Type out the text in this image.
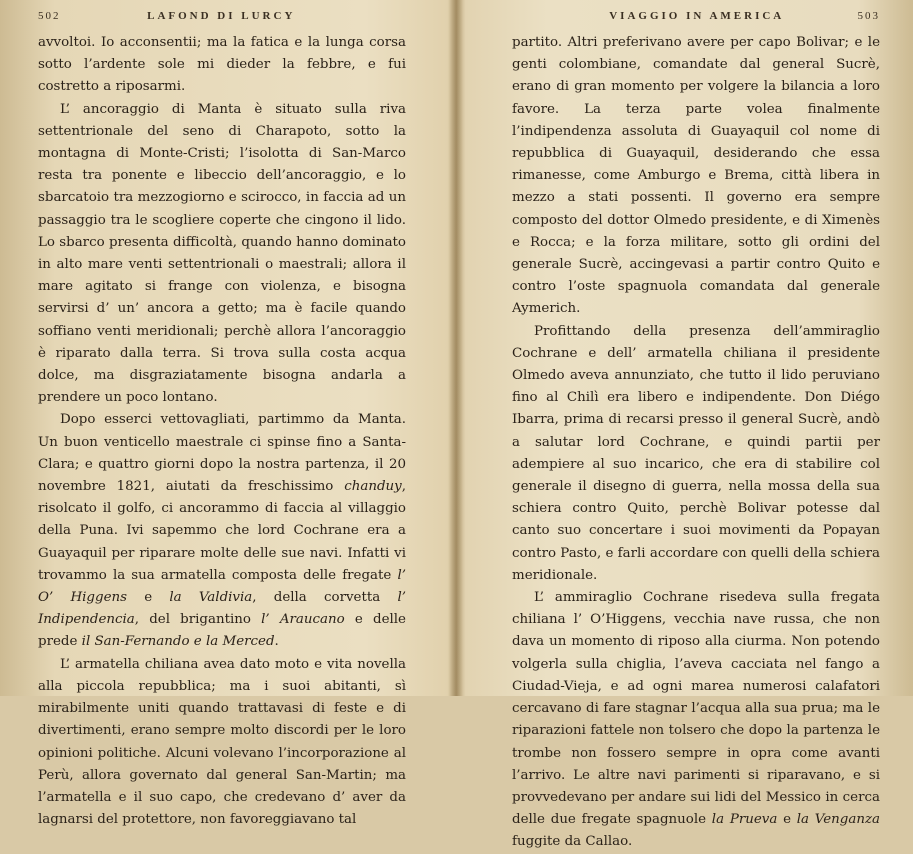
502	LAFOND DI LURCY

avvoltoi. Io acconsentii; ma la fatica e la lunga corsa sotto l’ardente sole mi dieder la febbre, e fui costretto a riposarmi.

L’ ancoraggio di Manta è situato sulla riva settentrionale del seno di Charapoto, sotto la montagna di Monte-Cristi; l’isolotta di San-Marco resta tra ponente e libeccio dell’ancoraggio, e lo sbarcatoio tra mezzogiorno e scirocco, in faccia ad un passaggio tra le scogliere coperte che cingono il lido. Lo sbarco presenta difficoltà, quando hanno dominato in alto mare venti settentrionali o maestrali; allora il mare agitato si frange con violenza, e bisogna servirsi d’ un’ ancora a getto; ma è facile quando soffiano venti meridionali; perchè allora l’ancoraggio è riparato dalla terra. Si trova sulla costa acqua dolce, ma disgraziatamente bisogna andarla a prendere un poco lontano.

Dopo esserci vettovagliati, partimmo da Manta. Un buon venticello maestrale ci spinse fino a Santa-Clara; e quattro giorni dopo la nostra partenza, il 20 novembre 1821, aiutati da freschissimo chanduy, risolcato il golfo, ci ancorammo di faccia al villaggio della Puna. Ivi sapemmo che lord Cochrane era a Guayaquil per riparare molte delle sue navi. Infatti vi trovammo la sua armatella composta delle fregate l’ O’ Higgens e la Valdivia, della corvetta l’ Indipendencia, del brigantino l’ Araucano e delle prede il San-Fernando e la Merced.

L’ armatella chiliana avea dato moto e vita novella alla piccola repubblica; ma i suoi abitanti, sì mirabilmente uniti quando trattavasi di feste e di divertimenti, erano sempre molto discordi per le loro opinioni politiche. Alcuni volevano l’incorporazione al Perù, allora governato dal general San-Martin; ma l’armatella e il suo capo, che credevano d’ aver da lagnarsi del protettore, non favoreggiavano tal

VIAGGIO IN AMERICA	503

partito. Altri preferivano avere per capo Bolivar; e le genti colombiane, comandate dal general Sucrè, erano di gran momento per volgere la bilancia a loro favore. La terza parte volea finalmente l’indipendenza assoluta di Guayaquil col nome di repubblica di Guayaquil, desiderando che essa rimanesse, come Amburgo e Brema, città libera in mezzo a stati possenti. Il governo era sempre composto del dottor Olmedo presidente, e di Ximenès e Rocca; e la forza militare, sotto gli ordini del generale Sucrè, accingevasi a partir contro Quito e contro l’oste spagnuola comandata dal generale Aymerich.

Profittando della presenza dell’ammiraglio Cochrane e dell’ armatella chiliana il presidente Olmedo aveva annunziato, che tutto il lido peruviano fino al Chilì era libero e indipendente. Don Diégo Ibarra, prima di recarsi presso il general Sucrè, andò a salutar lord Cochrane, e quindi partii per adempiere al suo incarico, che era di stabilire col generale il disegno di guerra, nella mossa della sua schiera contro Quito, perchè Bolivar potesse dal canto suo concertare i suoi movimenti da Popayan contro Pasto, e farli accordare con quelli della schiera meridionale.

L’ ammiraglio Cochrane risedeva sulla fregata chiliana l’ O’Higgens, vecchia nave russa, che non dava un momento di riposo alla ciurma. Non potendo volgerla sulla chiglia, l’aveva cacciata nel fango a Ciudad-Vieja, e ad ogni marea numerosi calafatori cercavano di fare stagnar l’acqua alla sua prua; ma le riparazioni fattele non tolsero che dopo la partenza le trombe non fossero sempre in opra come avanti l’arrivo. Le altre navi parimenti si riparavano, e si provvedevano per andare sui lidi del Messico in cerca delle due fregate spagnuole la Prueva e la Venganza fuggite da Callao.
